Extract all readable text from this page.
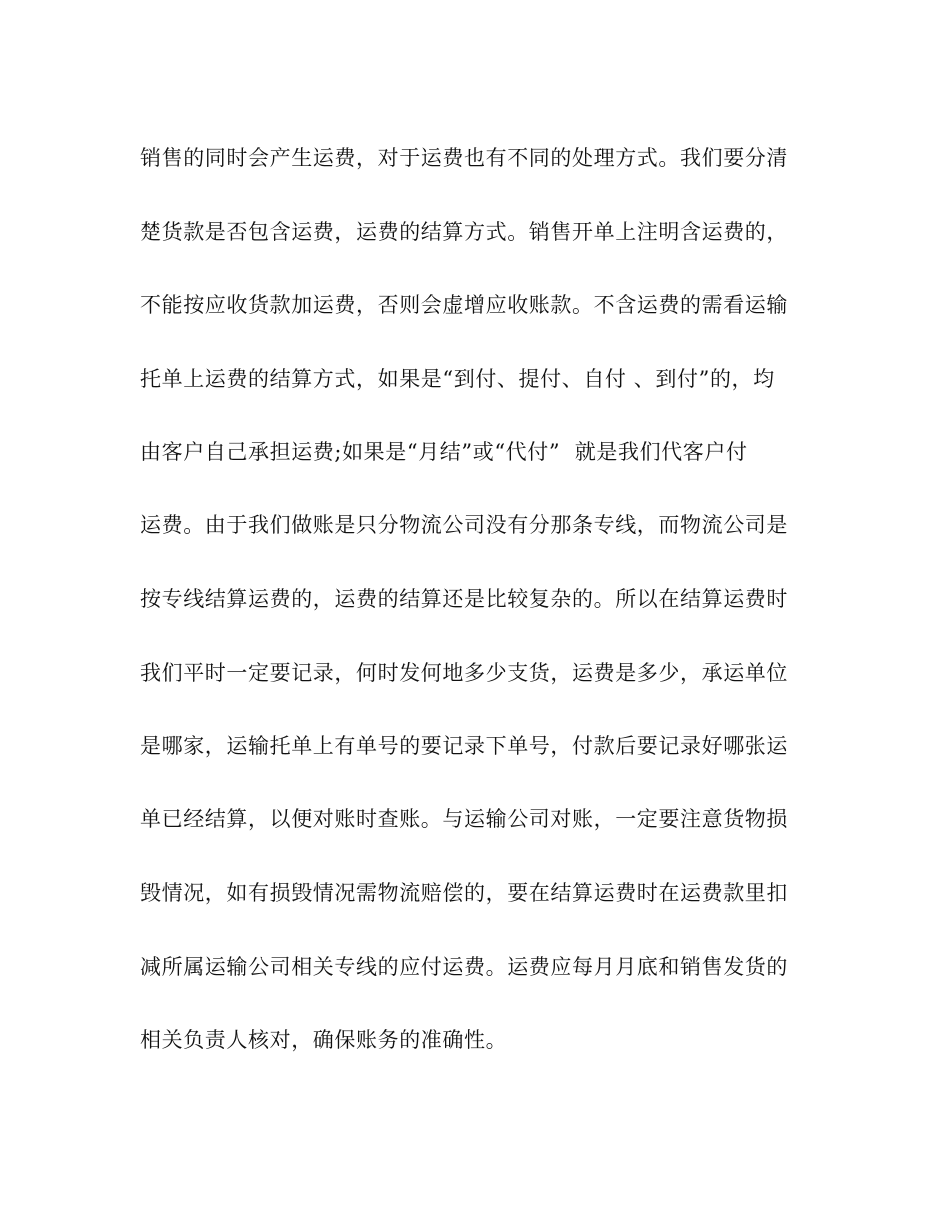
销售的同时会产生运费，对于运费也有不同的处理方式。我们要分清
楚货款是否包含运费，运费的结算方式。销售开单上注明含运费的，
不能按应收货款加运费，否则会虚增应收账款。不含运费的需看运输
托单上运费的结算方式，如果是“到付、提付、自付 、到付”的，均
由客户自己承担运费;如果是“月结”或“代付”  就是我们代客户付
运费。由于我们做账是只分物流公司没有分那条专线，而物流公司是
按专线结算运费的，运费的结算还是比较复杂的。所以在结算运费时
我们平时一定要记录，何时发何地多少支货，运费是多少，承运单位
是哪家，运输托单上有单号的要记录下单号，付款后要记录好哪张运
单已经结算，以便对账时查账。与运输公司对账，一定要注意货物损
毁情况，如有损毁情况需物流赔偿的，要在结算运费时在运费款里扣
减所属运输公司相关专线的应付运费。运费应每月月底和销售发货的
相关负责人核对，确保账务的准确性。
